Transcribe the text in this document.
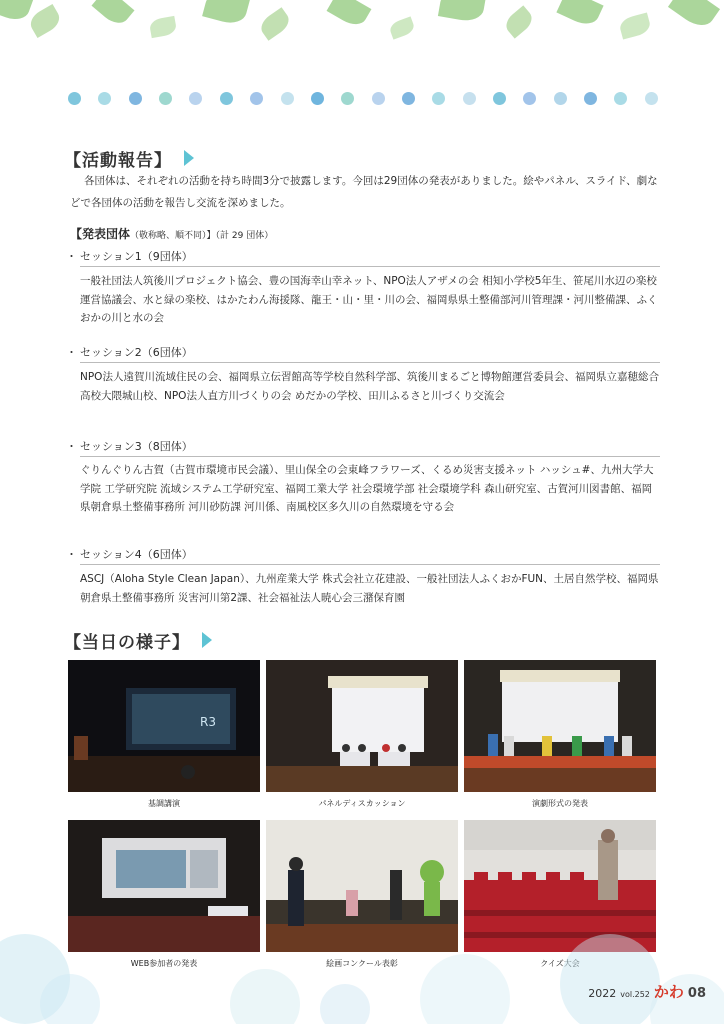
【活動報告】

各団体は、それぞれの活動を持ち時間3分で披露します。今回は29団体の発表がありました。絵やパネル、スライド、劇などで各団体の活動を報告し交流を深めました。

【発表団体（敬称略、順不同）】（計 29 団体）
・ セッション1（9団体）

一般社団法人筑後川プロジェクト協会、豊の国海幸山幸ネット、NPO法人アザメの会 相知小学校5年生、笹尾川水辺の楽校運営協議会、水と緑の楽校、はかたわん海援隊、龍王・山・里・川の会、福岡県県土整備部河川管理課・河川整備課、ふくおかの川と水の会

・ セッション2（6団体）

NPO法人遠賀川流域住民の会、福岡県立伝習館高等学校自然科学部、筑後川まるごと博物館運営委員会、福岡県立嘉穂総合高校大隈城山校、NPO法人直方川づくりの会 めだかの学校、田川ふるさと川づくり交流会

・ セッション3（8団体）

ぐりんぐりん古賀（古賀市環境市民会議）、里山保全の会東峰フラワーズ、くるめ災害支援ネット ハッシュ#、九州大学大学院 工学研究院 流域システム工学研究室、福岡工業大学 社会環境学部 社会環境学科 森山研究室、古賀河川図書館、福岡県朝倉県土整備事務所 河川砂防課 河川係、南風校区多久川の自然環境を守る会

・ セッション4（6団体）

ASCJ（Aloha Style Clean Japan）、九州産業大学 株式会社立花建設、一般社団法人ふくおかFUN、土居自然学校、福岡県朝倉県土整備事務所 災害河川第2課、社会福祉法人暁心会三潴保育園

【当日の様子】
R3
基調講演	パネルディスカッション	演劇形式の発表
WEB参加者の発表	絵画コンクール表彰	クイズ大会
2022 vol.252 かわ 08
